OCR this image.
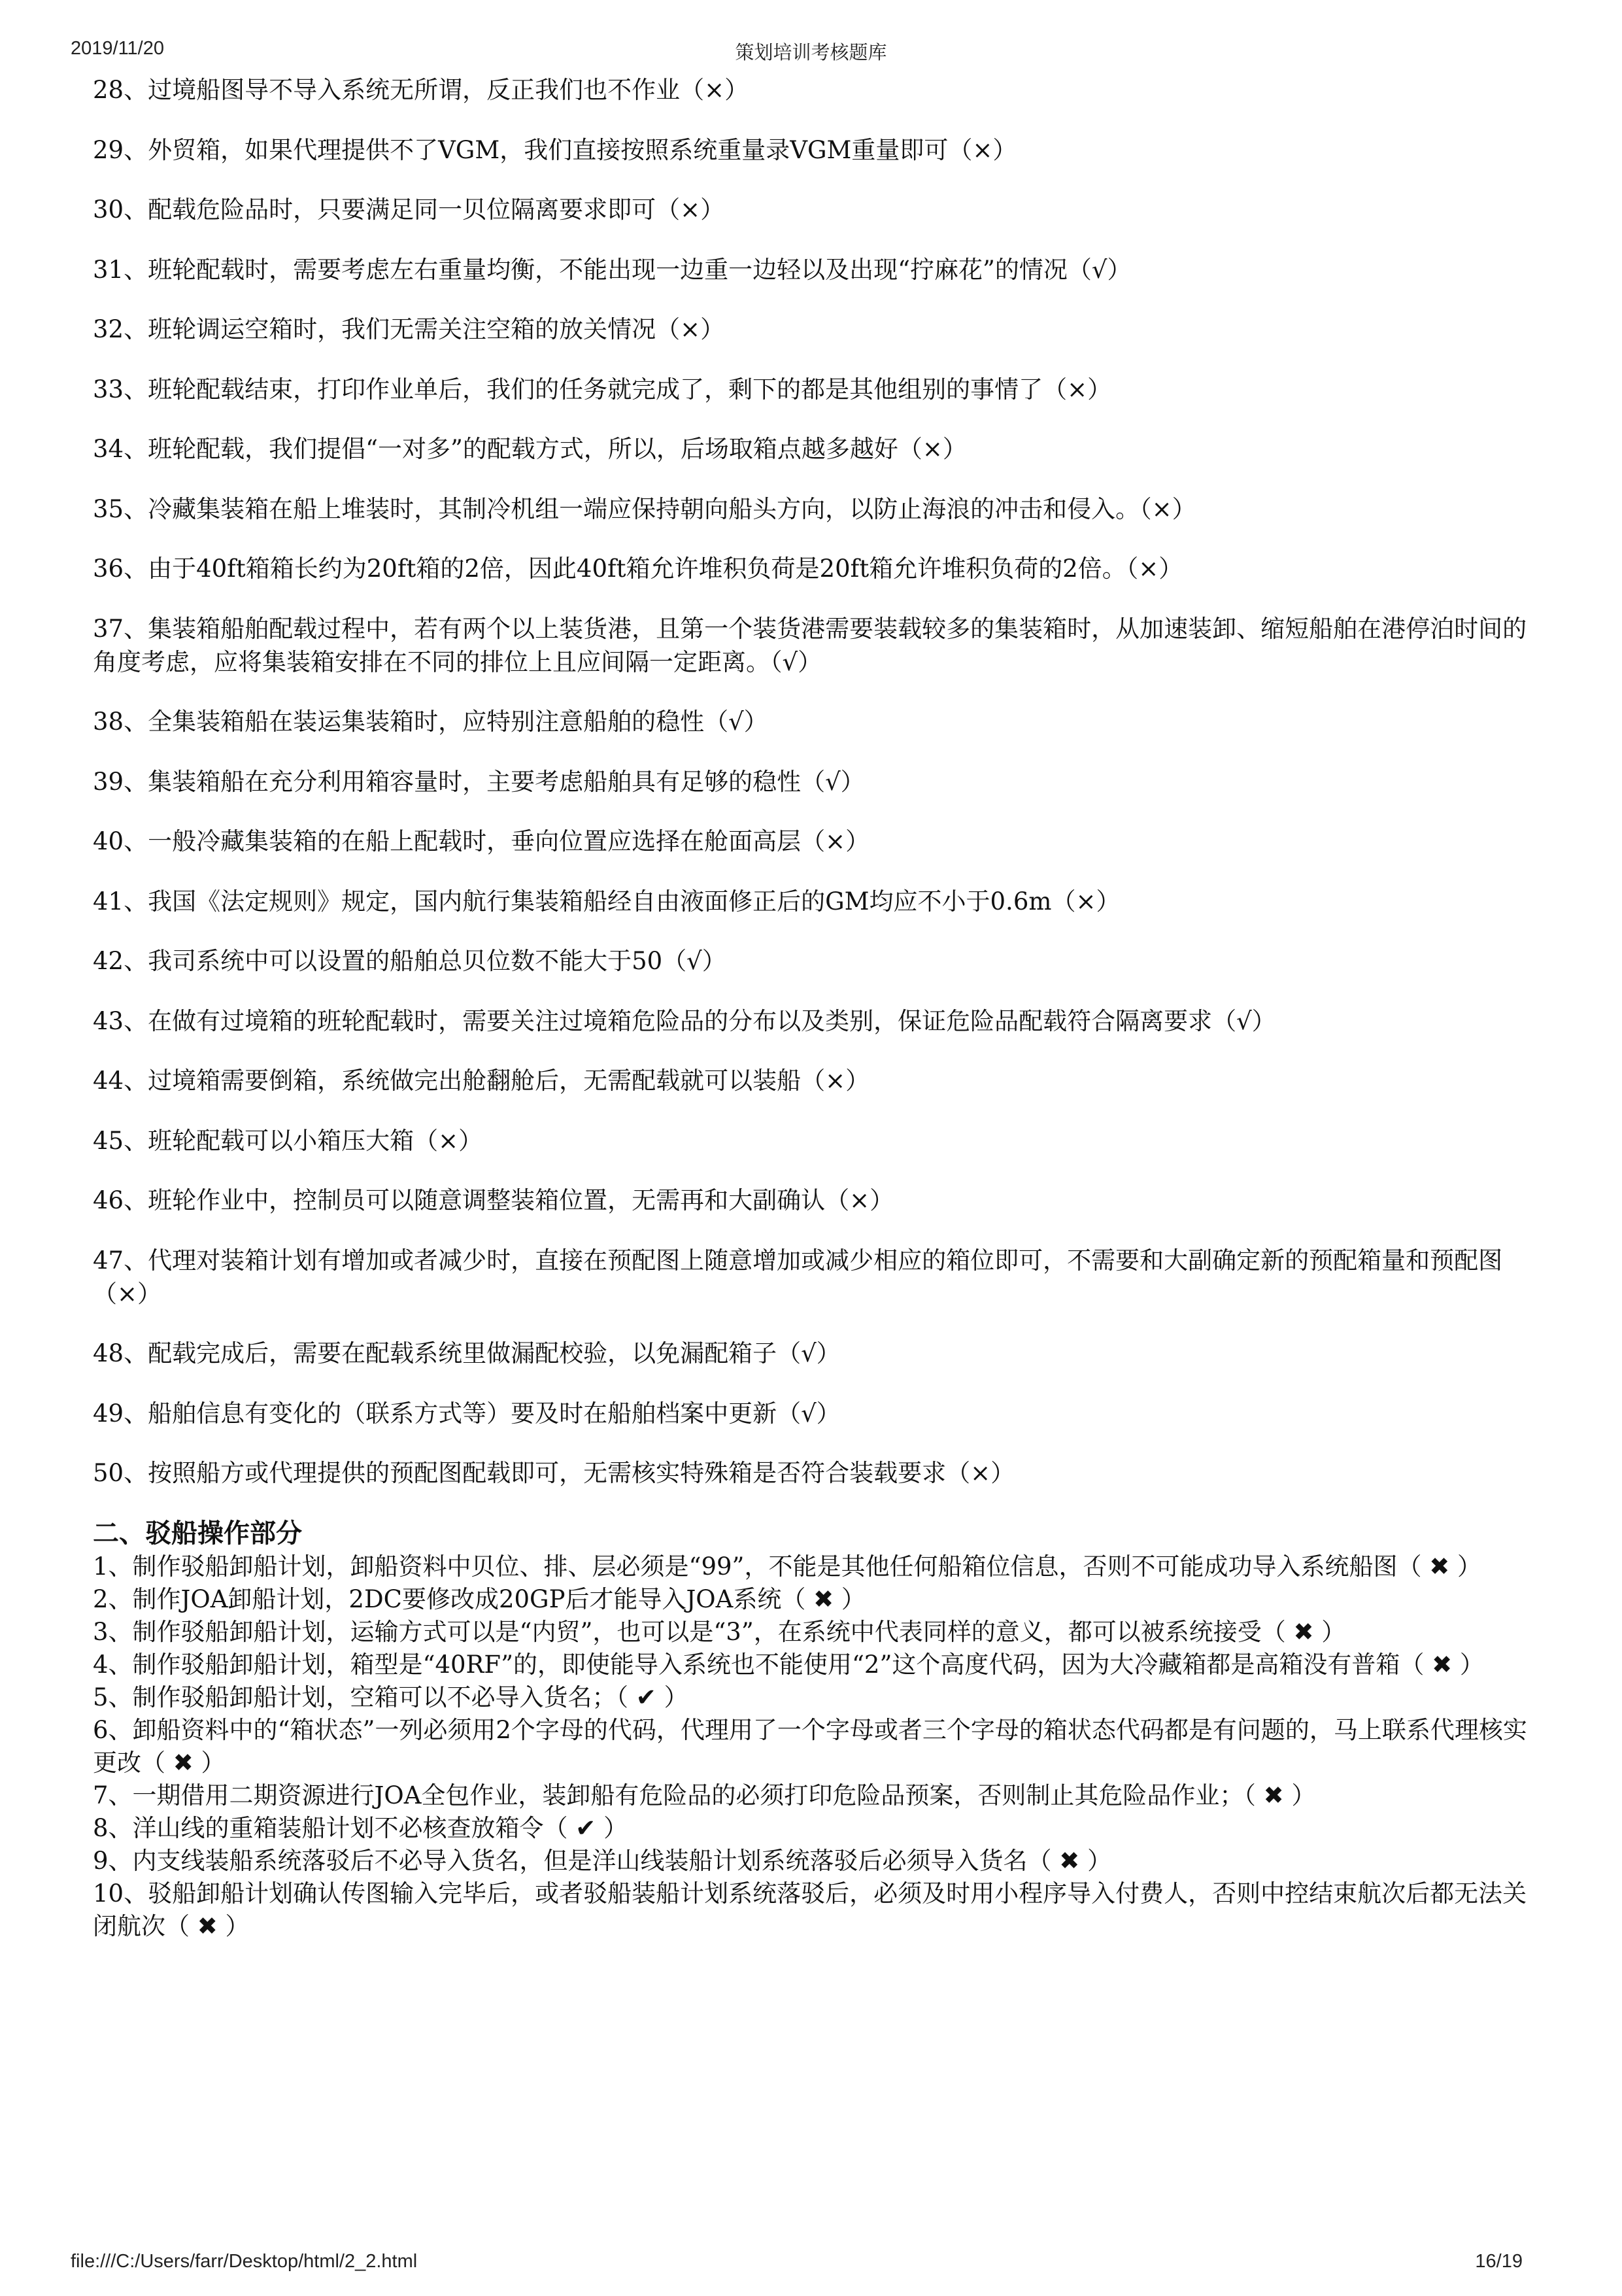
2019/11/20	策划培训考核题库

28、过境船图导不导入系统无所谓，反正我们也不作业（×）

29、外贸箱，如果代理提供不了VGM，我们直接按照系统重量录VGM重量即可（×）

30、配载危险品时，只要满足同一贝位隔离要求即可（×）

31、班轮配载时，需要考虑左右重量均衡，不能出现一边重一边轻以及出现“拧麻花”的情况（√）

32、班轮调运空箱时，我们无需关注空箱的放关情况（×）

33、班轮配载结束，打印作业单后，我们的任务就完成了，剩下的都是其他组别的事情了（×）

34、班轮配载，我们提倡“一对多”的配载方式，所以，后场取箱点越多越好（×）

35、冷藏集装箱在船上堆装时，其制冷机组一端应保持朝向船头方向，以防止海浪的冲击和侵入。（×）

36、由于40ft箱箱长约为20ft箱的2倍，因此40ft箱允许堆积负荷是20ft箱允许堆积负荷的2倍。（×）

37、集装箱船舶配载过程中，若有两个以上装货港，且第一个装货港需要装载较多的集装箱时，从加速装卸、缩短船舶在港停泊时间的角度考虑，应将集装箱安排在不同的排位上且应间隔一定距离。（√）

38、全集装箱船在装运集装箱时，应特别注意船舶的稳性（√）

39、集装箱船在充分利用箱容量时，主要考虑船舶具有足够的稳性（√）

40、一般冷藏集装箱的在船上配载时，垂向位置应选择在舱面高层（×）

41、我国《法定规则》规定，国内航行集装箱船经自由液面修正后的GM均应不小于0.6m（×）

42、我司系统中可以设置的船舶总贝位数不能大于50（√）

43、在做有过境箱的班轮配载时，需要关注过境箱危险品的分布以及类别，保证危险品配载符合隔离要求（√）

44、过境箱需要倒箱，系统做完出舱翻舱后，无需配载就可以装船（×）

45、班轮配载可以小箱压大箱（×）

46、班轮作业中，控制员可以随意调整装箱位置，无需再和大副确认（×）

47、代理对装箱计划有增加或者减少时，直接在预配图上随意增加或减少相应的箱位即可，不需要和大副确定新的预配箱量和预配图（×）

48、配载完成后，需要在配载系统里做漏配校验，以免漏配箱子（√）

49、船舶信息有变化的（联系方式等）要及时在船舶档案中更新（√）

50、按照船方或代理提供的预配图配载即可，无需核实特殊箱是否符合装载要求（×）

二、驳船操作部分

1、制作驳船卸船计划，卸船资料中贝位、排、层必须是“99”，不能是其他任何船箱位信息，否则不可能成功导入系统船图（ ✖ ）

2、制作JOA卸船计划，2DC要修改成20GP后才能导入JOA系统（ ✖ ）

3、制作驳船卸船计划，运输方式可以是“内贸”，也可以是“3”，在系统中代表同样的意义，都可以被系统接受（ ✖ ）

4、制作驳船卸船计划，箱型是“40RF”的，即使能导入系统也不能使用“2”这个高度代码，因为大冷藏箱都是高箱没有普箱（ ✖ ）

5、制作驳船卸船计划，空箱可以不必导入货名；（ ✔ ）

6、卸船资料中的“箱状态”一列必须用2个字母的代码，代理用了一个字母或者三个字母的箱状态代码都是有问题的，马上联系代理核实更改（ ✖ ）

7、一期借用二期资源进行JOA全包作业，装卸船有危险品的必须打印危险品预案，否则制止其危险品作业；（ ✖ ）

8、洋山线的重箱装船计划不必核查放箱令（ ✔ ）

9、内支线装船系统落驳后不必导入货名，但是洋山线装船计划系统落驳后必须导入货名（ ✖ ）

10、驳船卸船计划确认传图输入完毕后，或者驳船装船计划系统落驳后，必须及时用小程序导入付费人，否则中控结束航次后都无法关闭航次（ ✖ ）

file:///C:/Users/farr/Desktop/html/2_2.html	16/19
